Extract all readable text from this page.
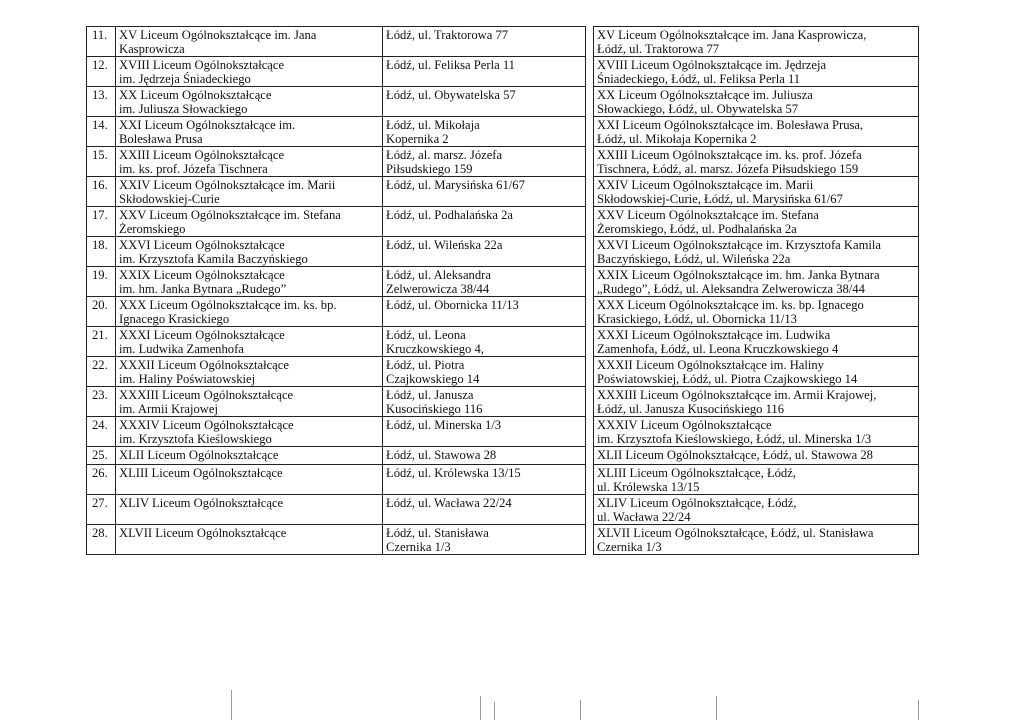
11.	XV Liceum Ogólnokształcące im. Jana
Kasprowicza	Łódź, ul. Traktorowa 77		XV Liceum Ogólnokształcące im. Jana Kasprowicza,
Łódź, ul. Traktorowa 77

12.	XVIII Liceum Ogólnokształcące
im. Jędrzeja Śniadeckiego	Łódź, ul. Feliksa Perla 11		XVIII Liceum Ogólnokształcące im. Jędrzeja
Śniadeckiego, Łódź, ul. Feliksa Perla 11

13.	XX Liceum Ogólnokształcące
im. Juliusza Słowackiego	Łódź, ul. Obywatelska 57		XX Liceum Ogólnokształcące im. Juliusza
Słowackiego, Łódź, ul. Obywatelska 57

14.	XXI Liceum Ogólnokształcące im.
Bolesława Prusa	Łódź, ul. Mikołaja
Kopernika 2		XXI Liceum Ogólnokształcące im. Bolesława Prusa,
Łódź, ul. Mikołaja Kopernika 2

15.	XXIII Liceum Ogólnokształcące
im. ks. prof. Józefa Tischnera	Łódź, al. marsz. Józefa
Piłsudskiego 159		XXIII Liceum Ogólnokształcące im. ks. prof. Józefa
Tischnera, Łódź, al. marsz. Józefa Piłsudskiego 159

16.	XXIV Liceum Ogólnokształcące im. Marii
Skłodowskiej-Curie	Łódź, ul. Marysińska 61/67		XXIV Liceum Ogólnokształcące im. Marii
Skłodowskiej-Curie, Łódź, ul. Marysińska 61/67

17.	XXV Liceum Ogólnokształcące im. Stefana
Żeromskiego	Łódź, ul. Podhalańska 2a		XXV Liceum Ogólnokształcące im. Stefana
Żeromskiego, Łódź, ul. Podhalańska 2a

18.	XXVI Liceum Ogólnokształcące
im. Krzysztofa Kamila Baczyńskiego	Łódź, ul. Wileńska 22a		XXVI Liceum Ogólnokształcące im. Krzysztofa Kamila
Baczyńskiego, Łódź, ul. Wileńska 22a

19.	XXIX Liceum Ogólnokształcące
im. hm. Janka Bytnara „Rudego”	Łódź, ul. Aleksandra
Zelwerowicza 38/44		XXIX Liceum Ogólnokształcące im. hm. Janka Bytnara
„Rudego”, Łódź, ul. Aleksandra Zelwerowicza 38/44

20.	XXX Liceum Ogólnokształcące im. ks. bp.
Ignacego Krasickiego	Łódź, ul. Obornicka 11/13		XXX Liceum Ogólnokształcące im. ks. bp. Ignacego
Krasickiego, Łódź, ul. Obornicka 11/13

21.	XXXI Liceum Ogólnokształcące
im. Ludwika Zamenhofa	Łódź, ul. Leona
Kruczkowskiego 4,		XXXI Liceum Ogólnokształcące im. Ludwika
Zamenhofa, Łódź, ul. Leona Kruczkowskiego 4

22.	XXXII Liceum Ogólnokształcące
im. Haliny Poświatowskiej	Łódź, ul. Piotra
Czajkowskiego 14		XXXII Liceum Ogólnokształcące im. Haliny
Poświatowskiej, Łódź, ul. Piotra Czajkowskiego 14

23.	XXXIII Liceum Ogólnokształcące
im. Armii Krajowej	Łódź, ul. Janusza
Kusocińskiego 116		XXXIII Liceum Ogólnokształcące im. Armii Krajowej,
Łódź, ul. Janusza Kusocińskiego 116

24.	XXXIV Liceum Ogólnokształcące
im. Krzysztofa Kieślowskiego	Łódź, ul. Minerska 1/3		XXXIV Liceum Ogólnokształcące
im. Krzysztofa Kieślowskiego, Łódź, ul. Minerska 1/3

25.	XLII Liceum Ogólnokształcące	Łódź, ul. Stawowa 28		XLII Liceum Ogólnokształcące, Łódź, ul. Stawowa 28

26.	XLIII Liceum Ogólnokształcące	Łódź, ul. Królewska 13/15		XLIII Liceum Ogólnokształcące, Łódź,
ul. Królewska 13/15

27.	XLIV Liceum Ogólnokształcące	Łódź, ul. Wacława 22/24		XLIV Liceum Ogólnokształcące, Łódź,
ul. Wacława 22/24

28.	XLVII Liceum Ogólnokształcące	Łódź, ul. Stanisława
Czernika 1/3		XLVII Liceum Ogólnokształcące, Łódź, ul. Stanisława
Czernika 1/3
